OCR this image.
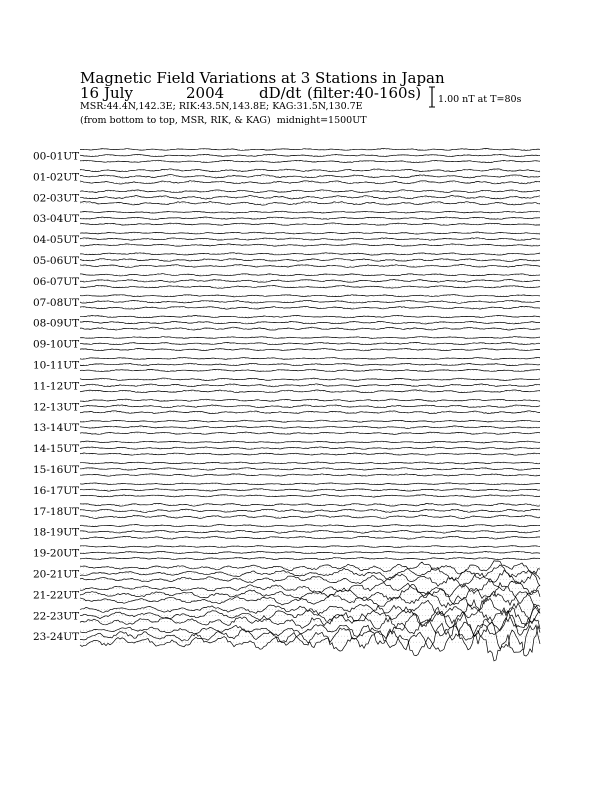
Magnetic Field Variations at 3 Stations in Japan

16

July

	2004

dD/dt

(filter:40-160s)

MSR:44.4N,142.3E; RIK:43.5N,143.8E; KAG:31.5N,130.7E
(from bottom to top, MSR, RIK, & KAG)  midnight=1500UT
1.00 nT at T=80s
00-01UT
01-02UT
02-03UT
03-04UT
04-05UT
05-06UT
06-07UT
07-08UT
08-09UT
09-10UT
10-11UT
11-12UT
12-13UT
13-14UT
14-15UT
15-16UT
16-17UT
17-18UT
18-19UT
19-20UT
20-21UT
21-22UT
22-23UT
23-24UT
